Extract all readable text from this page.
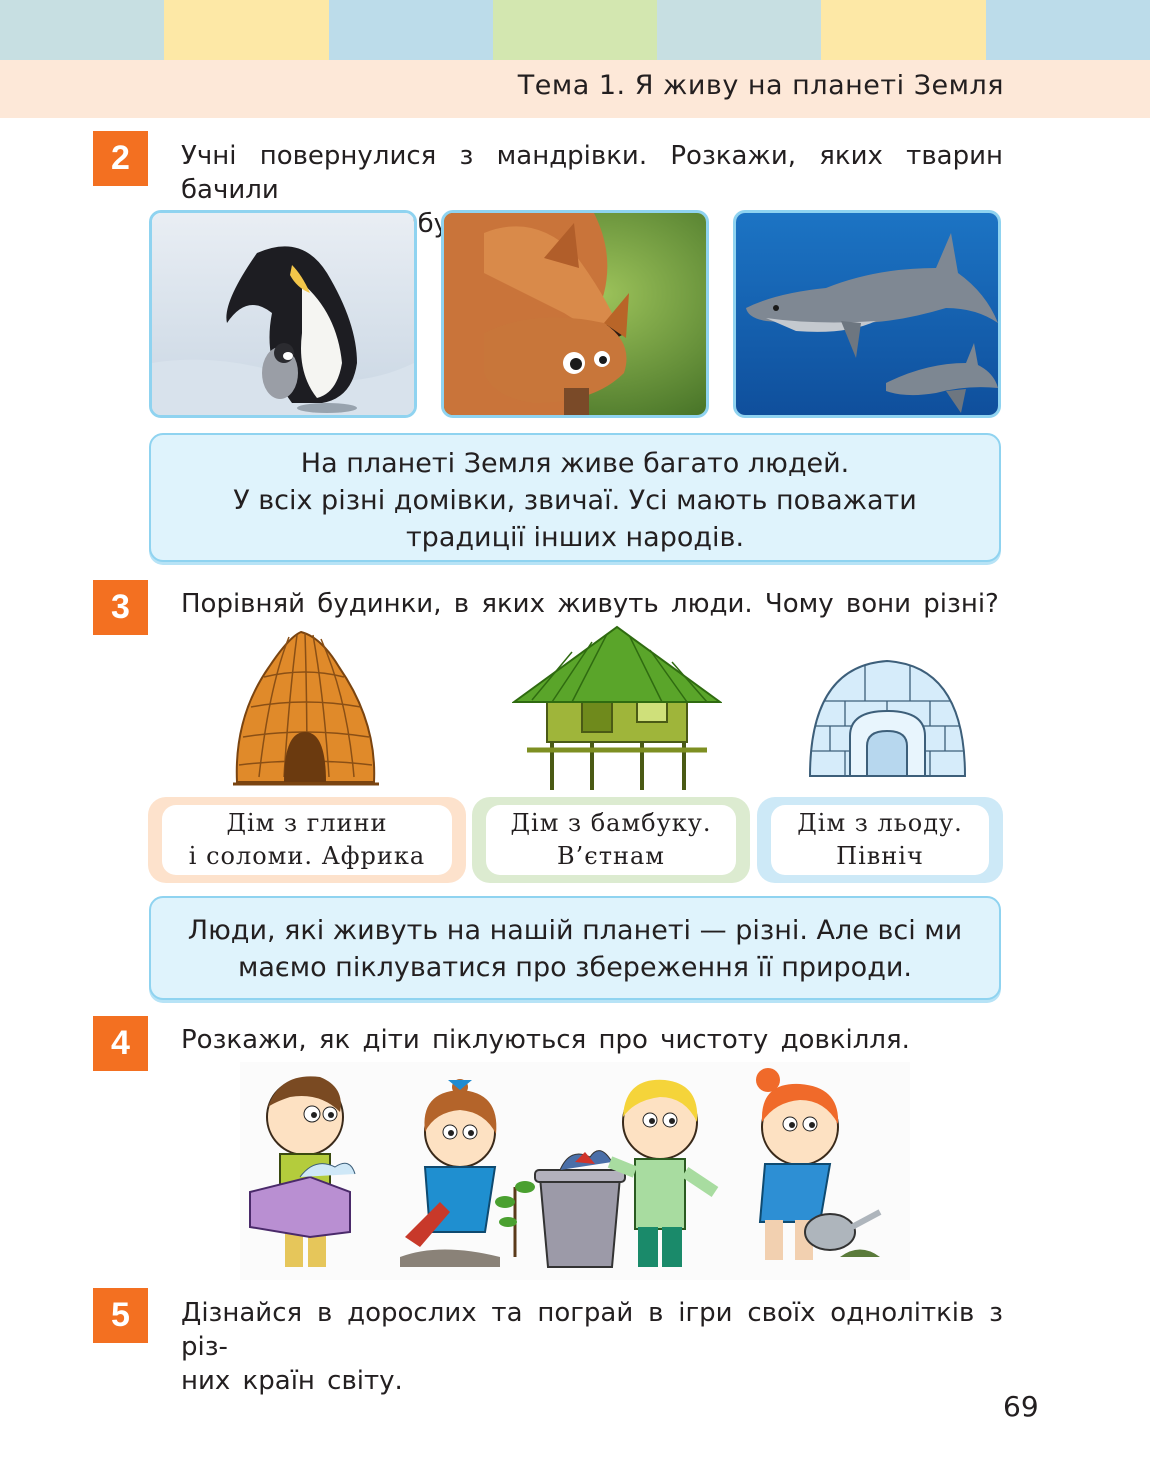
Тема 1. Я живу на планеті Земля
2	Учні повернулися з мандрівки. Розкажи, яких тварин бачили
На планеті Земля живе багато людей.
У всіх різні домівки, звичаї. Усі мають поважати
традиції інших народів.
3	Порівняй будинки, в яких живуть люди. Чому вони різні?
Дім з глини
і соломи. Африка
Дім з бамбуку.
В’єтнам
Дім з льоду.
Північ
Люди, які живуть на нашій планеті — різні. Але всі ми
маємо піклуватися про збереження її природи.
4	Розкажи, як діти піклуються про чистоту довкілля.
5	Дізнайся в дорослих та пограй в ігри своїх однолітків з різ-
них країн світу.
69
